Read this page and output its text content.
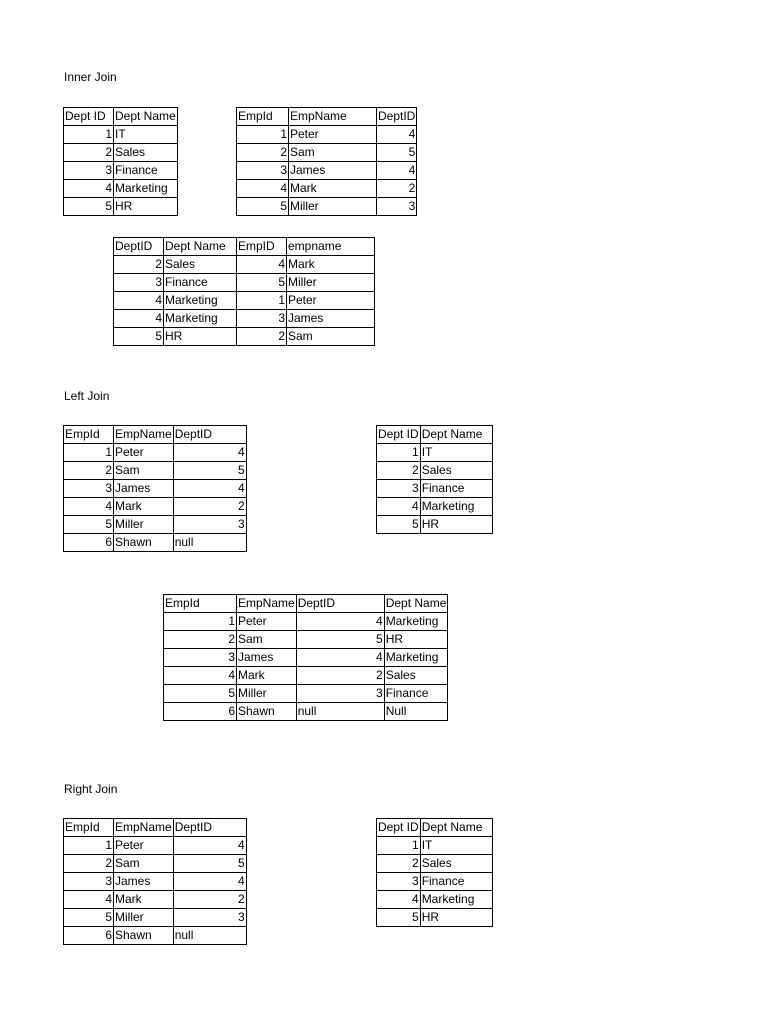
Inner Join
Dept ID	Dept Name
1	IT
2	Sales
3	Finance
4	Marketing
5	HR
EmpId	EmpName	DeptID
1	Peter	4
2	Sam	5
3	James	4
4	Mark	2
5	Miller	3
DeptID	Dept Name	EmpID	empname
2	Sales	4	Mark
3	Finance	5	Miller
4	Marketing	1	Peter
4	Marketing	3	James
5	HR	2	Sam
Left Join
EmpId	EmpName	DeptID
1	Peter	4
2	Sam	5
3	James	4
4	Mark	2
5	Miller	3
6	Shawn	null
Dept ID	Dept Name
1	IT
2	Sales
3	Finance
4	Marketing
5	HR
EmpId	EmpName	DeptID	Dept Name
1	Peter	4	Marketing
2	Sam	5	HR
3	James	4	Marketing
4	Mark	2	Sales
5	Miller	3	Finance
6	Shawn	null	Null
Right Join
EmpId	EmpName	DeptID
1	Peter	4
2	Sam	5
3	James	4
4	Mark	2
5	Miller	3
6	Shawn	null
Dept ID	Dept Name
1	IT
2	Sales
3	Finance
4	Marketing
5	HR
